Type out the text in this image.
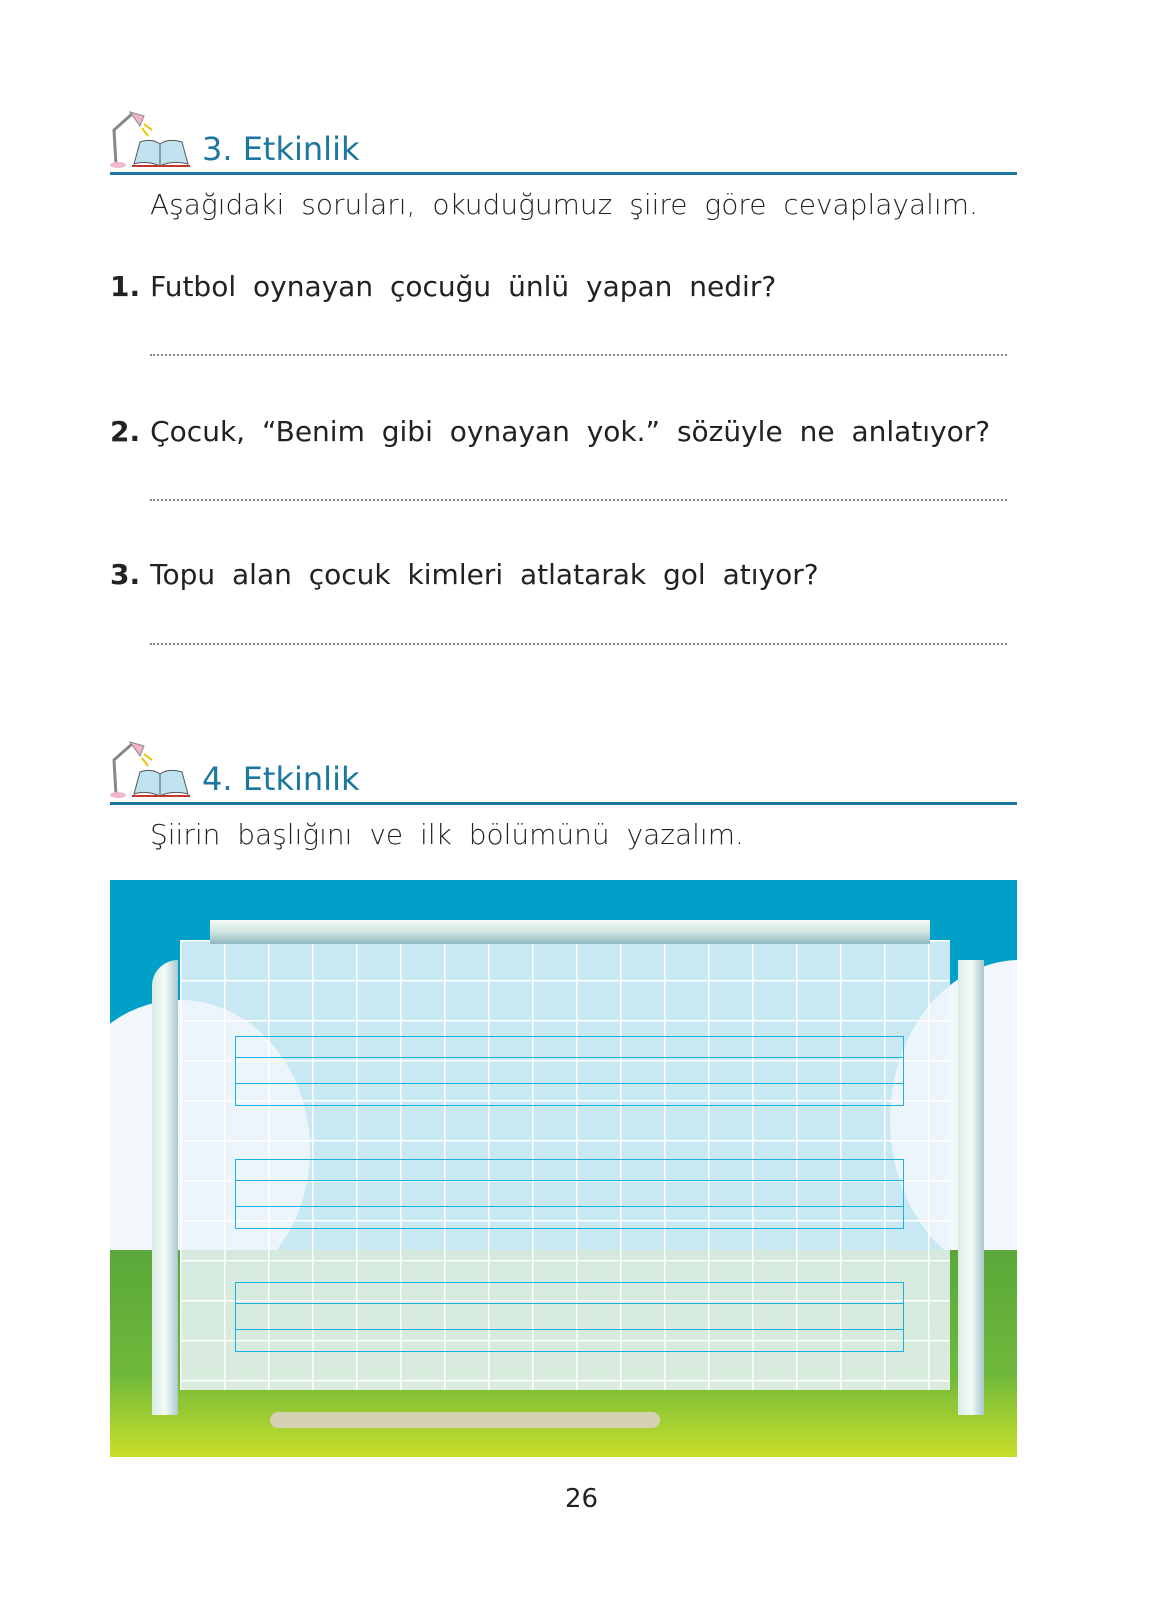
3. Etkinlik
Aşağıdaki soruları, okuduğumuz şiire göre cevaplayalım.
1. Futbol oynayan çocuğu ünlü yapan nedir?
2. Çocuk, “Benim gibi oynayan yok.” sözüyle ne anlatıyor?
3. Topu alan çocuk kimleri atlatarak gol atıyor?
4. Etkinlik
Şiirin başlığını ve ilk bölümünü yazalım.
26
